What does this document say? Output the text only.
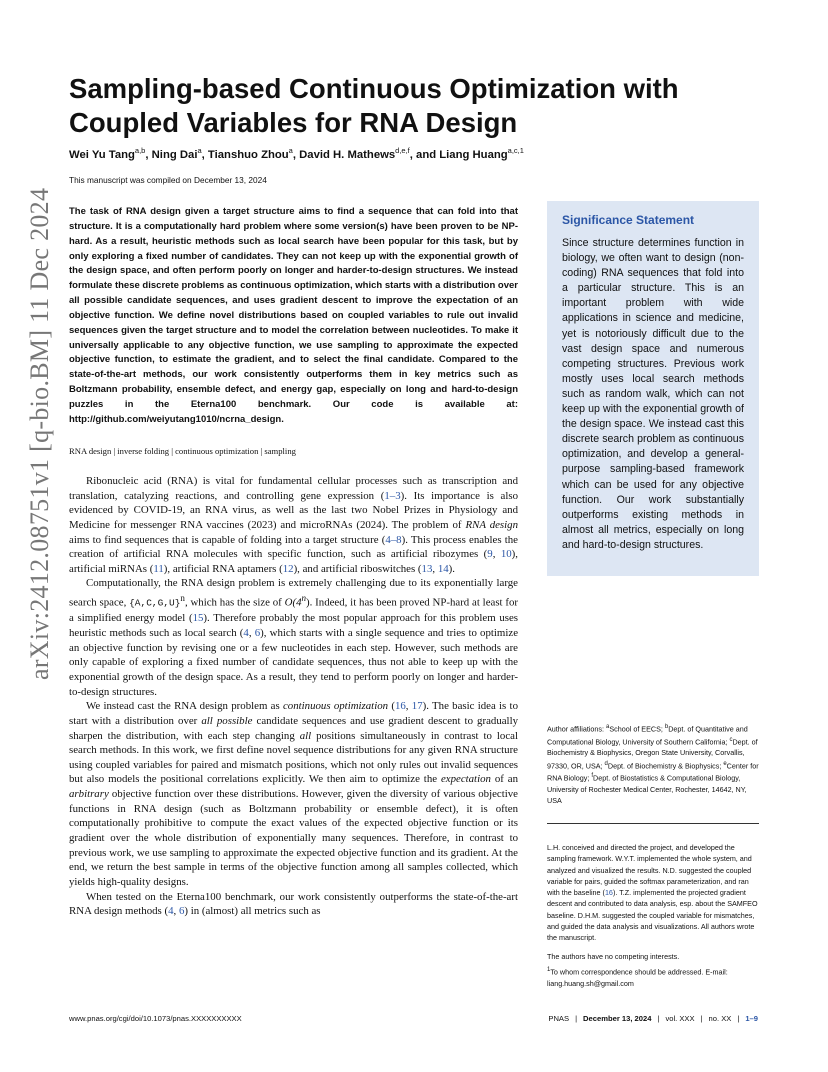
arXiv:2412.08751v1 [q-bio.BM] 11 Dec 2024
Sampling-based Continuous Optimization with Coupled Variables for RNA Design
Wei Yu Tang$^{a,b}$, Ning Dai$^a$, Tianshuo Zhou$^a$, David H. Mathews$^{d,e,f}$, and Liang Huang$^{a,c,1}$
This manuscript was compiled on December 13, 2024
The task of RNA design given a target structure aims to find a sequence that can fold into that structure. It is a computationally hard problem where some version(s) have been proven to be NP-hard. As a result, heuristic methods such as local search have been popular for this task, but by only exploring a fixed number of candidates. They can not keep up with the exponential growth of the design space, and often perform poorly on longer and harder-to-design structures. We instead formulate these discrete problems as continuous optimization, which starts with a distribution over all possible candidate sequences, and uses gradient descent to improve the expectation of an objective function. We define novel distributions based on coupled variables to rule out invalid sequences given the target structure and to model the correlation between nucleotides. To make it universally applicable to any objective function, we use sampling to approximate the expected objective function, to estimate the gradient, and to select the final candidate. Compared to the state-of-the-art methods, our work consistently outperforms them in key metrics such as Boltzmann probability, ensemble defect, and energy gap, especially on long and hard-to-design puzzles in the Eterna100 benchmark. Our code is available at: http://github.com/weiyutang1010/ncrna_design.
RNA design | inverse folding | continuous optimization | sampling

Ribonucleic acid (RNA) is vital for fundamental cellular processes such as transcription and translation, catalyzing reactions, and controlling gene expression (1–3). Its importance is also evidenced by COVID-19, an RNA virus, as well as the last two Nobel Prizes in Physiology and Medicine for messenger RNA vaccines (2023) and microRNAs (2024). The problem of RNA design aims to find sequences that is capable of folding into a target structure (4–8). This process enables the creation of artificial RNA molecules with specific function, such as artificial ribozymes (9, 10), artificial miRNAs (11), artificial RNA aptamers (12), and artificial riboswitches (13, 14).

Computationally, the RNA design problem is extremely challenging due to its exponentially large search space, $\{A,C,G,U\}^n$, which has the size of O(4$^n$). Indeed, it has been proved NP-hard at least for a simplified energy model (15). Therefore probably the most popular approach for this problem uses heuristic methods such as local search (4, 6), which starts with a single sequence and tries to optimize an objective function by revising one or a few nucleotides in each step. However, such methods are only capable of exploring a fixed number of candidate sequences, thus not able to keep up with the exponential growth of the design space. As a result, they tend to perform poorly on longer and harder-to-design structures.

We instead cast the RNA design problem as continuous optimization (16, 17). The basic idea is to start with a distribution over all possible candidate sequences and use gradient descent to gradually sharpen the distribution, with each step changing all positions simultaneously in contrast to local search methods. In this work, we first define novel sequence distributions for any given RNA structure using coupled variables for paired and mismatch positions, which not only rules out invalid sequences but also models the positional correlations explicitly. We then aim to optimize the expectation of an arbitrary objective function over these distributions. However, given the diversity of various objective functions in RNA design (such as Boltzmann probability or ensemble defect), it is often computationally prohibitive to compute the exact values of the expected objective function or its gradient over the whole distribution of exponentially many sequences. Therefore, in contrast to previous work, we use sampling to approximate the expected objective function and its gradient. At the end, we return the best sample in terms of the objective function among all samples collected, which yields high-quality designs.

When tested on the Eterna100 benchmark, our work consistently outperforms the state-of-the-art RNA design methods (4, 6) in (almost) all metrics such as

Significance Statement
Since structure determines function in biology, we often want to design (non-coding) RNA sequences that fold into a particular structure. This is an important problem with wide applications in science and medicine, yet is notoriously difficult due to the vast design space and numerous competing structures. Previous work mostly uses local search methods such as random walk, which can not keep up with the exponential growth of the design space. We instead cast this discrete search problem as continuous optimization, and develop a general-purpose sampling-based framework which can be used for any objective function. Our work substantially outperforms existing methods in almost all metrics, especially on long and hard-to-design structures.
Author affiliations: $^a$School of EECS; $^b$Dept. of Quantitative and Computational Biology, University of Southern California; $^c$Dept. of Biochemistry & Biophysics, Oregon State University, Corvallis, 97330, OR, USA; $^d$Dept. of Biochemistry & Biophysics; $^e$Center for RNA Biology; $^f$Dept. of Biostatistics & Computational Biology, University of Rochester Medical Center, Rochester, 14642, NY, USA
L.H. conceived and directed the project, and developed the sampling framework. W.Y.T. implemented the whole system, and analyzed and visualized the results. N.D. suggested the coupled variable for pairs, guided the softmax parameterization, and ran with the baseline (16). T.Z. implemented the projected gradient descent and contributed to data analysis, esp. about the SAMFEO baseline. D.H.M. suggested the coupled variable for mismatches, and guided the data analysis and visualizations. All authors wrote the manuscript.
The authors have no competing interests.
$^1$To whom correspondence should be addressed. E-mail: liang.huang.sh@gmail.com
www.pnas.org/cgi/doi/10.1073/pnas.XXXXXXXXXX	PNAS | December 13, 2024 | vol. XXX | no. XX | 1–9
